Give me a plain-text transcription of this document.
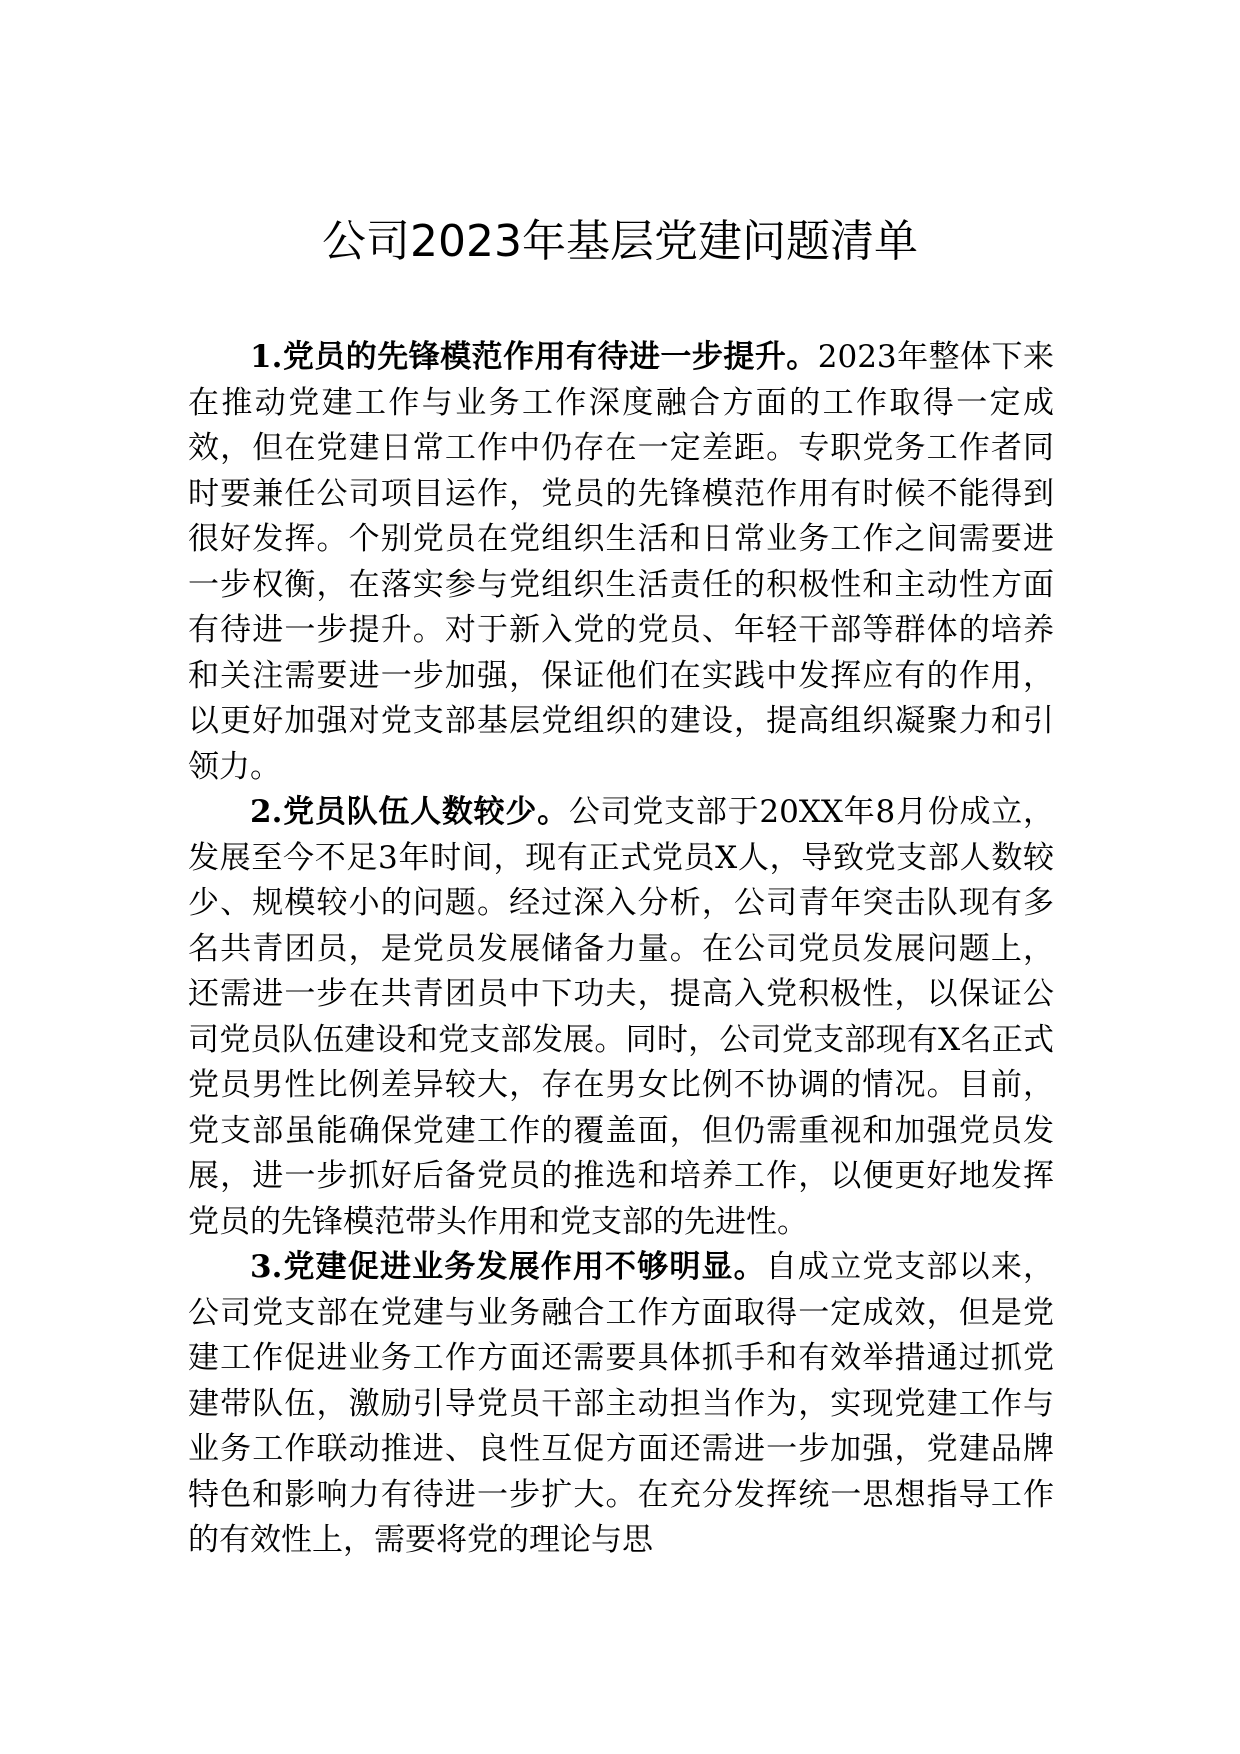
公司2023年基层党建问题清单

1.党员的先锋模范作用有待进一步提升。2023年整体下来在推动党建工作与业务工作深度融合方面的工作取得一定成效，但在党建日常工作中仍存在一定差距。专职党务工作者同时要兼任公司项目运作，党员的先锋模范作用有时候不能得到很好发挥。个别党员在党组织生活和日常业务工作之间需要进一步权衡，在落实参与党组织生活责任的积极性和主动性方面有待进一步提升。对于新入党的党员、年轻干部等群体的培养和关注需要进一步加强，保证他们在实践中发挥应有的作用，以更好加强对党支部基层党组织的建设，提高组织凝聚力和引领力。

2.党员队伍人数较少。公司党支部于20XX年8月份成立，发展至今不足3年时间，现有正式党员X人，导致党支部人数较少、规模较小的问题。经过深入分析，公司青年突击队现有多名共青团员，是党员发展储备力量。在公司党员发展问题上，还需进一步在共青团员中下功夫，提高入党积极性，以保证公司党员队伍建设和党支部发展。同时，公司党支部现有X名正式党员男性比例差异较大，存在男女比例不协调的情况。目前，党支部虽能确保党建工作的覆盖面，但仍需重视和加强党员发展，进一步抓好后备党员的推选和培养工作，以便更好地发挥党员的先锋模范带头作用和党支部的先进性。

3.党建促进业务发展作用不够明显。自成立党支部以来，公司党支部在党建与业务融合工作方面取得一定成效，但是党建工作促进业务工作方面还需要具体抓手和有效举措通过抓党建带队伍，激励引导党员干部主动担当作为，实现党建工作与业务工作联动推进、良性互促方面还需进一步加强，党建品牌特色和影响力有待进一步扩大。在充分发挥统一思想指导工作的有效性上，需要将党的理论与思
